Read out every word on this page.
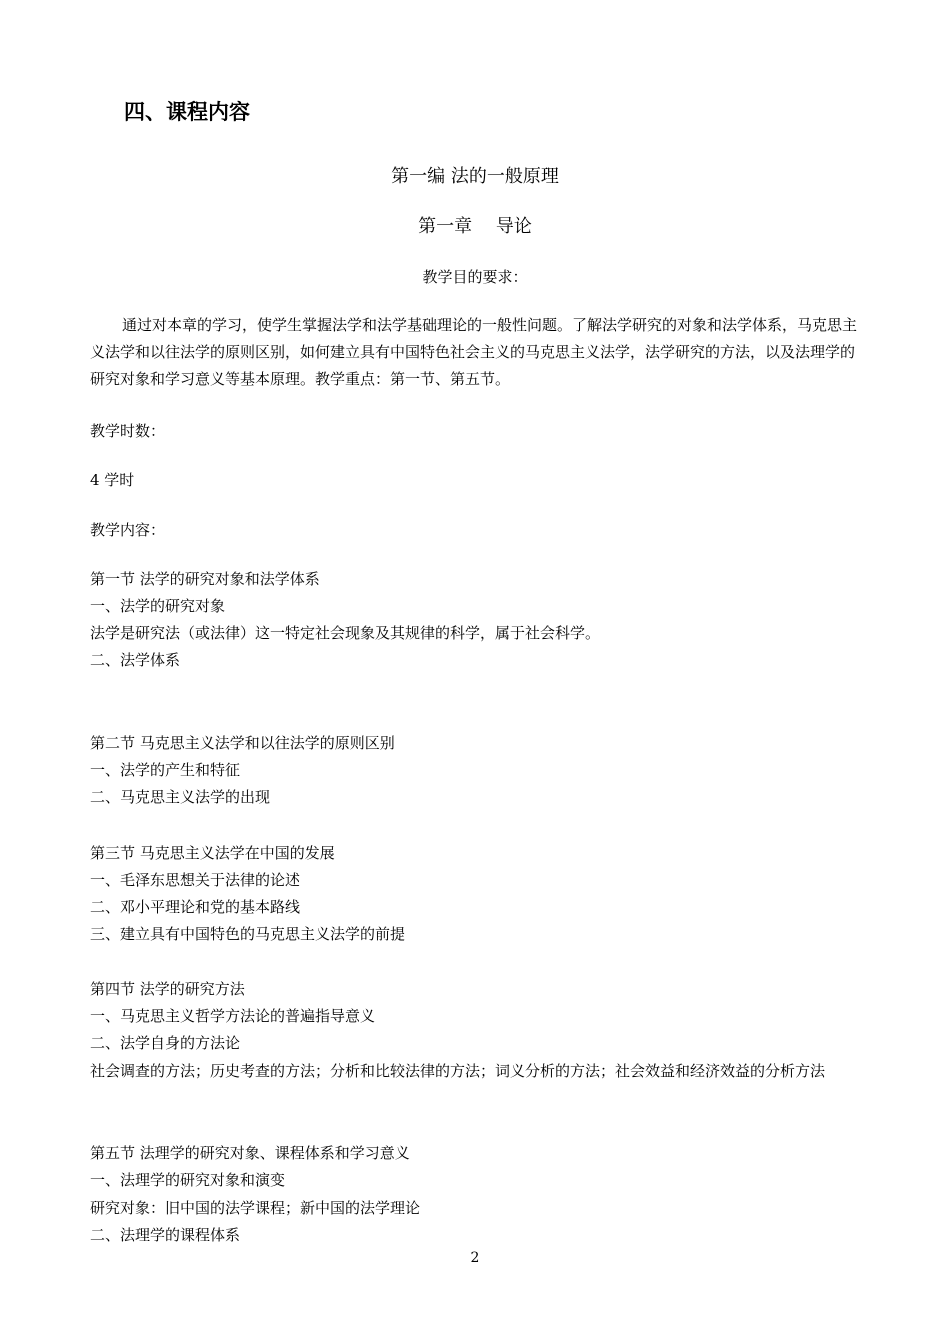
四、课程内容
第一编 法的一般原理
第一章　 导论
教学目的要求：
通过对本章的学习，使学生掌握法学和法学基础理论的一般性问题。了解法学研究的对象和法学体系，马克思主义法学和以往法学的原则区别，如何建立具有中国特色社会主义的马克思主义法学，法学研究的方法，以及法理学的研究对象和学习意义等基本原理。教学重点：第一节、第五节。
教学时数：
4 学时
教学内容：
第一节 法学的研究对象和法学体系
一、法学的研究对象
法学是研究法（或法律）这一特定社会现象及其规律的科学，属于社会科学。
二、法学体系
第二节 马克思主义法学和以往法学的原则区别
一、法学的产生和特征
二、马克思主义法学的出现
第三节 马克思主义法学在中国的发展
一、毛泽东思想关于法律的论述
二、邓小平理论和党的基本路线
三、建立具有中国特色的马克思主义法学的前提
第四节 法学的研究方法
一、马克思主义哲学方法论的普遍指导意义
二、法学自身的方法论
社会调查的方法；历史考查的方法；分析和比较法律的方法；词义分析的方法；社会效益和经济效益的分析方法
第五节 法理学的研究对象、课程体系和学习意义
一、法理学的研究对象和演变
研究对象：旧中国的法学课程；新中国的法学理论
二、法理学的课程体系
2
